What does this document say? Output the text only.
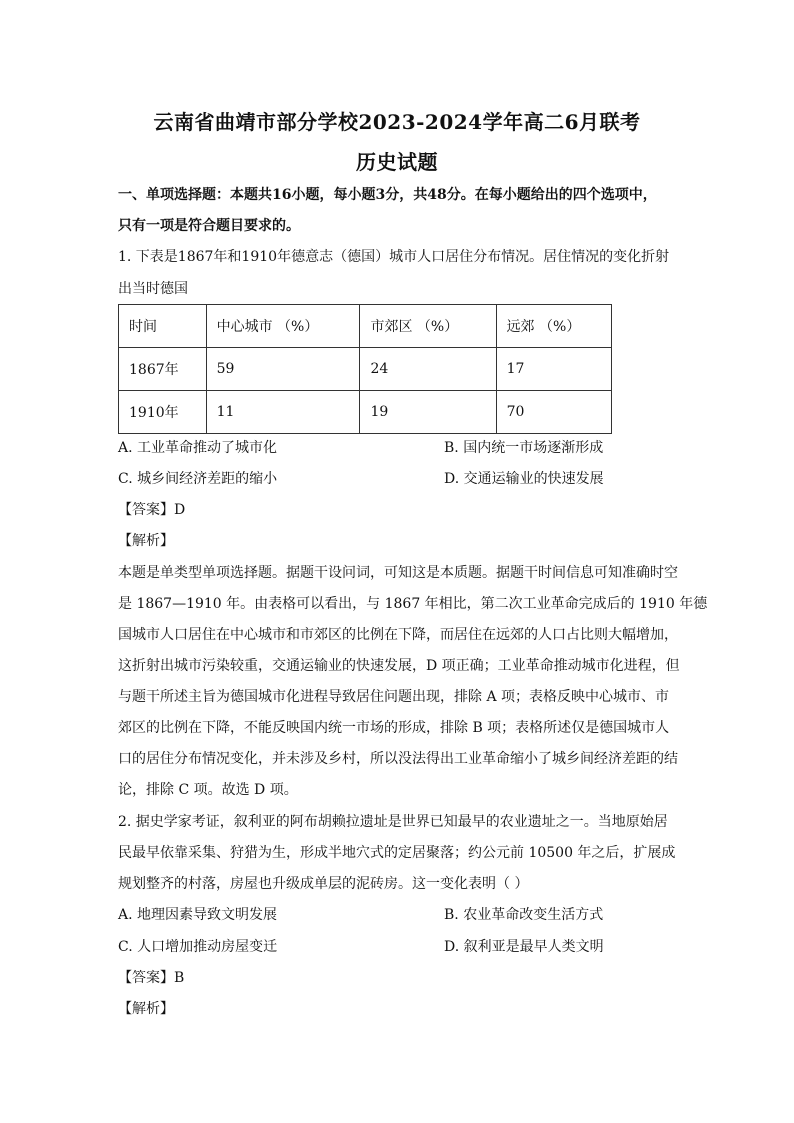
云南省曲靖市部分学校2023-2024学年高二6月联考
历史试题
一、单项选择题：本题共16小题，每小题3分，共48分。在每小题给出的四个选项中，
只有一项是符合题目要求的。
1. 下表是1867年和1910年德意志（德国）城市人口居住分布情况。居住情况的变化折射
出当时德国
时间	中心城市 （%）	市郊区 （%）	远郊 （%）
1867年	59	24	17
1910年	11	19	70
A. 工业革命推动了城市化	B. 国内统一市场逐渐形成
C. 城乡间经济差距的缩小	D. 交通运输业的快速发展
【答案】D
【解析】
本题是单类型单项选择题。据题干设问词，可知这是本质题。据题干时间信息可知准确时空
是 1867—1910 年。由表格可以看出，与 1867 年相比，第二次工业革命完成后的 1910 年德
国城市人口居住在中心城市和市郊区的比例在下降，而居住在远郊的人口占比则大幅增加，
这折射出城市污染较重，交通运输业的快速发展，D 项正确；工业革命推动城市化进程，但
与题干所述主旨为德国城市化进程导致居住问题出现，排除 A 项；表格反映中心城市、市
郊区的比例在下降，不能反映国内统一市场的形成，排除 B 项；表格所述仅是德国城市人
口的居住分布情况变化，并未涉及乡村，所以没法得出工业革命缩小了城乡间经济差距的结
论，排除 C 项。故选 D 项。
2. 据史学家考证，叙利亚的阿布胡赖拉遗址是世界已知最早的农业遗址之一。当地原始居
民最早依靠采集、狩猎为生，形成半地穴式的定居聚落；约公元前 10500 年之后，扩展成
规划整齐的村落，房屋也升级成单层的泥砖房。这一变化表明（ ）
A. 地理因素导致文明发展	B. 农业革命改变生活方式
C. 人口增加推动房屋变迁	D. 叙利亚是最早人类文明
【答案】B
【解析】
